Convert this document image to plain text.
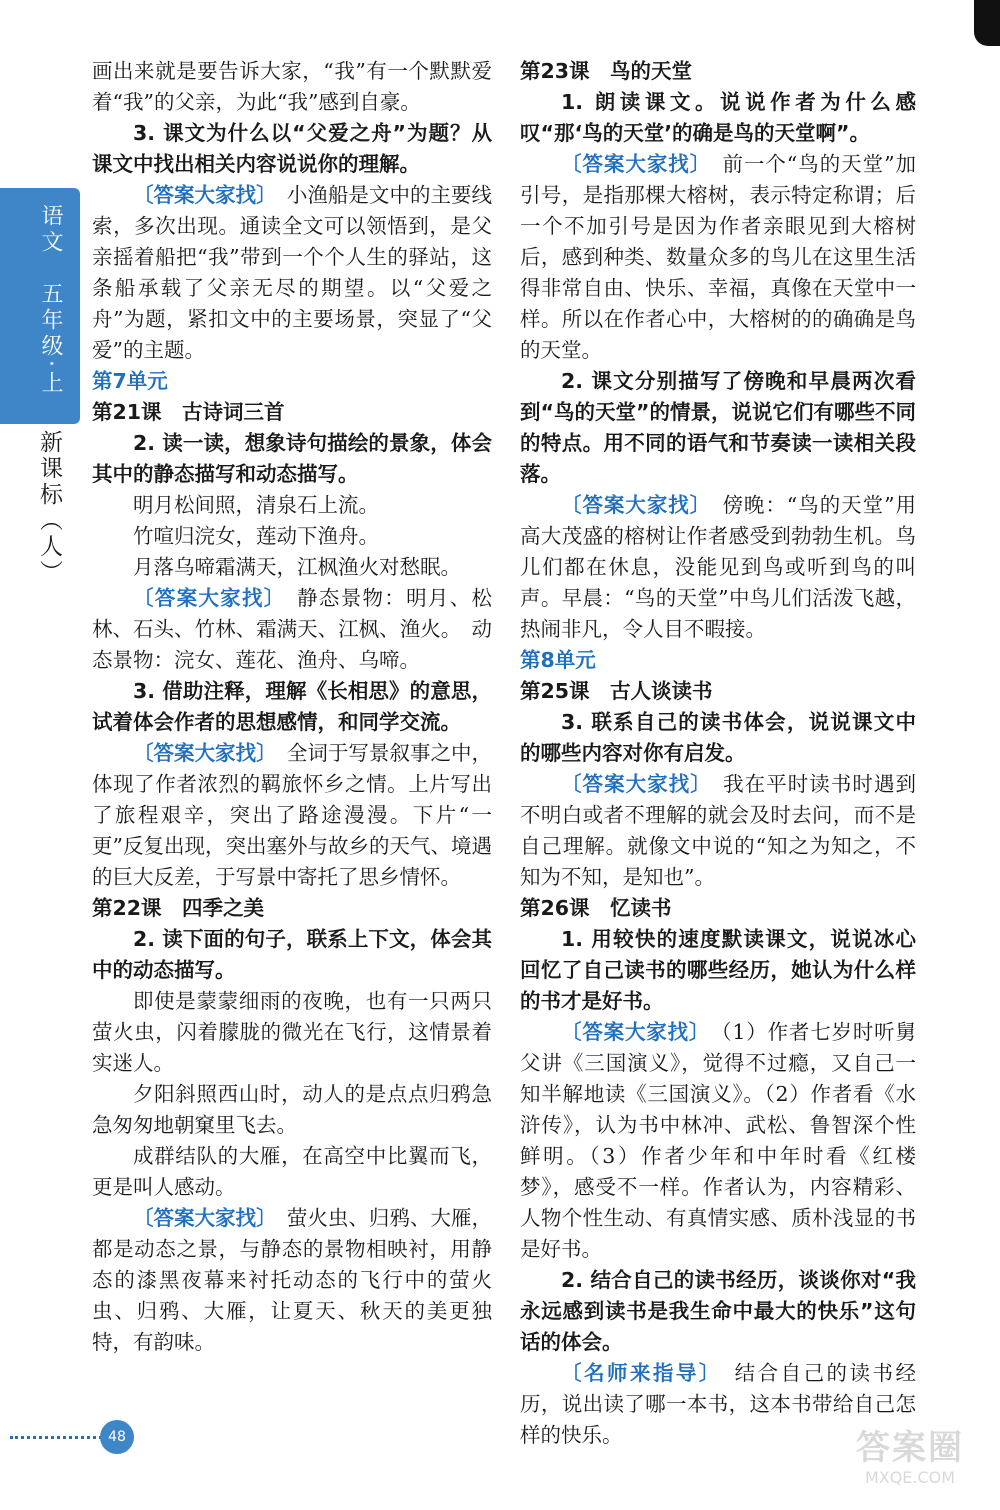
语文　五年级·上
新课标（人）

画出来就是要告诉大家，“我”有一个默默爱着“我”的父亲，为此“我”感到自豪。

3. 课文为什么以“父爱之舟”为题？从课文中找出相关内容说说你的理解。

〔答案大家找〕　 小渔船是文中的主要线索，多次出现。通读全文可以领悟到，是父亲摇着船把“我”带到一个个人生的驿站，这条船承载了父亲无尽的期望。以“父爱之舟”为题，紧扣文中的主要场景，突显了“父爱”的主题。

第7单元

第21课　古诗词三首

2. 读一读，想象诗句描绘的景象，体会其中的静态描写和动态描写。

明月松间照，清泉石上流。

竹喧归浣女，莲动下渔舟。

月落乌啼霜满天，江枫渔火对愁眠。

〔答案大家找〕　 静态景物：明月、松林、石头、竹林、霜满天、江枫、渔火。　动态景物：浣女、莲花、渔舟、乌啼。

3. 借助注释，理解《长相思》的意思，试着体会作者的思想感情，和同学交流。

〔答案大家找〕　 全词于写景叙事之中，体现了作者浓烈的羁旅怀乡之情。上片写出了旅程艰辛，突出了路途漫漫。下片“一更”反复出现，突出塞外与故乡的天气、境遇的巨大反差，于写景中寄托了思乡情怀。

第22课　四季之美

2. 读下面的句子，联系上下文，体会其中的动态描写。

即使是蒙蒙细雨的夜晚，也有一只两只萤火虫，闪着朦胧的微光在飞行，这情景着实迷人。

夕阳斜照西山时，动人的是点点归鸦急急匆匆地朝窠里飞去。

成群结队的大雁，在高空中比翼而飞，更是叫人感动。

〔答案大家找〕　 萤火虫、归鸦、大雁，都是动态之景，与静态的景物相映衬，用静态的漆黑夜幕来衬托动态的飞行中的萤火虫、归鸦、大雁，让夏天、秋天的美更独特，有韵味。

第23课　鸟的天堂

1. 朗读课文。说说作者为什么感叹“那‘鸟的天堂’的确是鸟的天堂啊”。

〔答案大家找〕　 前一个“鸟的天堂”加引号，是指那棵大榕树，表示特定称谓；后一个不加引号是因为作者亲眼见到大榕树后，感到种类、数量众多的鸟儿在这里生活得非常自由、快乐、幸福，真像在天堂中一样。所以在作者心中，大榕树的的确确是鸟的天堂。

2. 课文分别描写了傍晚和早晨两次看到“鸟的天堂”的情景，说说它们有哪些不同的特点。用不同的语气和节奏读一读相关段落。

〔答案大家找〕　 傍晚：“鸟的天堂”用高大茂盛的榕树让作者感受到勃勃生机。鸟儿们都在休息，没能见到鸟或听到鸟的叫声。早晨：“鸟的天堂”中鸟儿们活泼飞越，热闹非凡，令人目不暇接。

第8单元

第25课　古人谈读书

3. 联系自己的读书体会，说说课文中的哪些内容对你有启发。

〔答案大家找〕　 我在平时读书时遇到不明白或者不理解的就会及时去问，而不是自己理解。就像文中说的“知之为知之，不知为不知，是知也”。

第26课　忆读书

1. 用较快的速度默读课文，说说冰心回忆了自己读书的哪些经历，她认为什么样的书才是好书。

〔答案大家找〕　 （1）作者七岁时听舅父讲《三国演义》，觉得不过瘾，又自己一知半解地读《三国演义》。（2）作者看《水浒传》，认为书中林冲、武松、鲁智深个性鲜明。（3）作者少年和中年时看《红楼梦》，感受不一样。作者认为，内容精彩、人物个性生动、有真情实感、质朴浅显的书是好书。

2. 结合自己的读书经历，谈谈你对“我永远感到读书是我生命中最大的快乐”这句话的体会。

〔名师来指导〕　 结合自己的读书经历，说出读了哪一本书，这本书带给自己怎样的快乐。

48	答案圈
MXQE.COM
